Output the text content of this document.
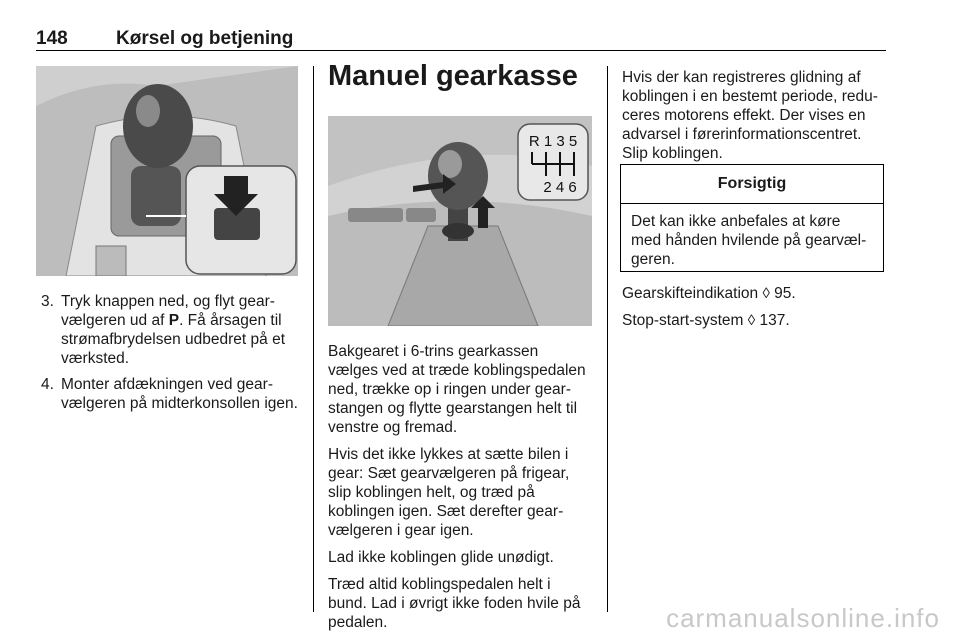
148	Kørsel og betjening
3. Tryk knappen ned, og flyt gearvælgeren ud af P. Få årsagen til strømafbrydelsen udbedret på et værksted.
4. Monter afdækningen ved gearvælgeren på midterkonsollen igen.
Manuel gearkasse
R 1 3 5
2 4 6

Bakgearet i 6-trins gearkassen vælges ved at træde koblingspedalen ned, trække op i ringen under gearstangen og flytte gearstangen helt til venstre og fremad.

Hvis det ikke lykkes at sætte bilen i gear: Sæt gearvælgeren på frigear, slip koblingen helt, og træd på koblingen igen. Sæt derefter gearvælgeren i gear igen.

Lad ikke koblingen glide unødigt.

Træd altid koblingspedalen helt i bund. Lad i øvrigt ikke foden hvile på pedalen.

Hvis der kan registreres glidning af koblingen i en bestemt periode, reduceres motorens effekt. Der vises en advarsel i førerinformationscentret. Slip koblingen.

Forsigtig
Det kan ikke anbefales at køre med hånden hvilende på gearvælgeren.

Gearskifteindikation ◊ 95.

Stop-start-system ◊ 137.

carmanualsonline.info
